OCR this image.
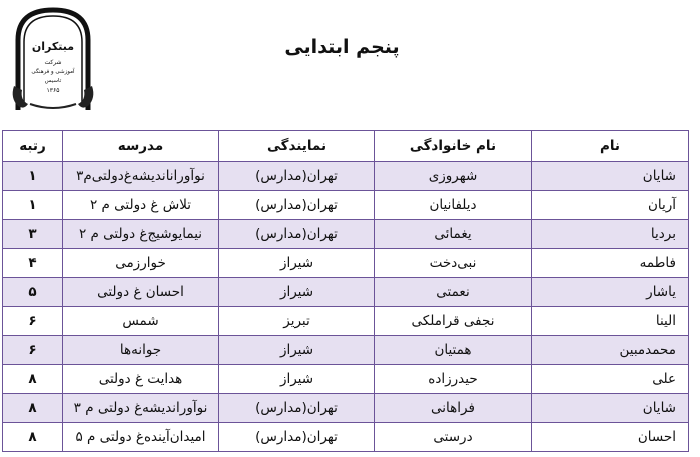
مبتکران
شرکت
آموزشی و فرهنگی
تاسیس
۱۳۶۵
پنجم ابتدایی
نام	نام خانوادگی	نمایندگی	مدرسه	رتبه
شایان	شهروزی	تهران(مدارس)	نوآوراناندیشه‌غ‌دولتی‌م۳	۱
آریان	دیلفانیان	تهران(مدارس)	تلاش غ دولتی م ۲	۱
بردیا	یغمائی	تهران(مدارس)	نیمایوشیج‌غ دولتی م ۲	۳
فاطمه	نبی‌دخت	شیراز	خوارزمی	۴
یاشار	نعمتی	شیراز	احسان غ دولتی	۵
الینا	نجفی قراملکی	تبریز	شمس	۶
محمدمبین	همتیان	شیراز	جوانه‌ها	۶
علی	حیدرزاده	شیراز	هدایت غ دولتی	۸
شایان	فراهانی	تهران(مدارس)	نوآوراندیشه‌غ دولتی م ۳	۸
احسان	درستی	تهران(مدارس)	امیدان‌آینده‌غ دولتی م ۵	۸
